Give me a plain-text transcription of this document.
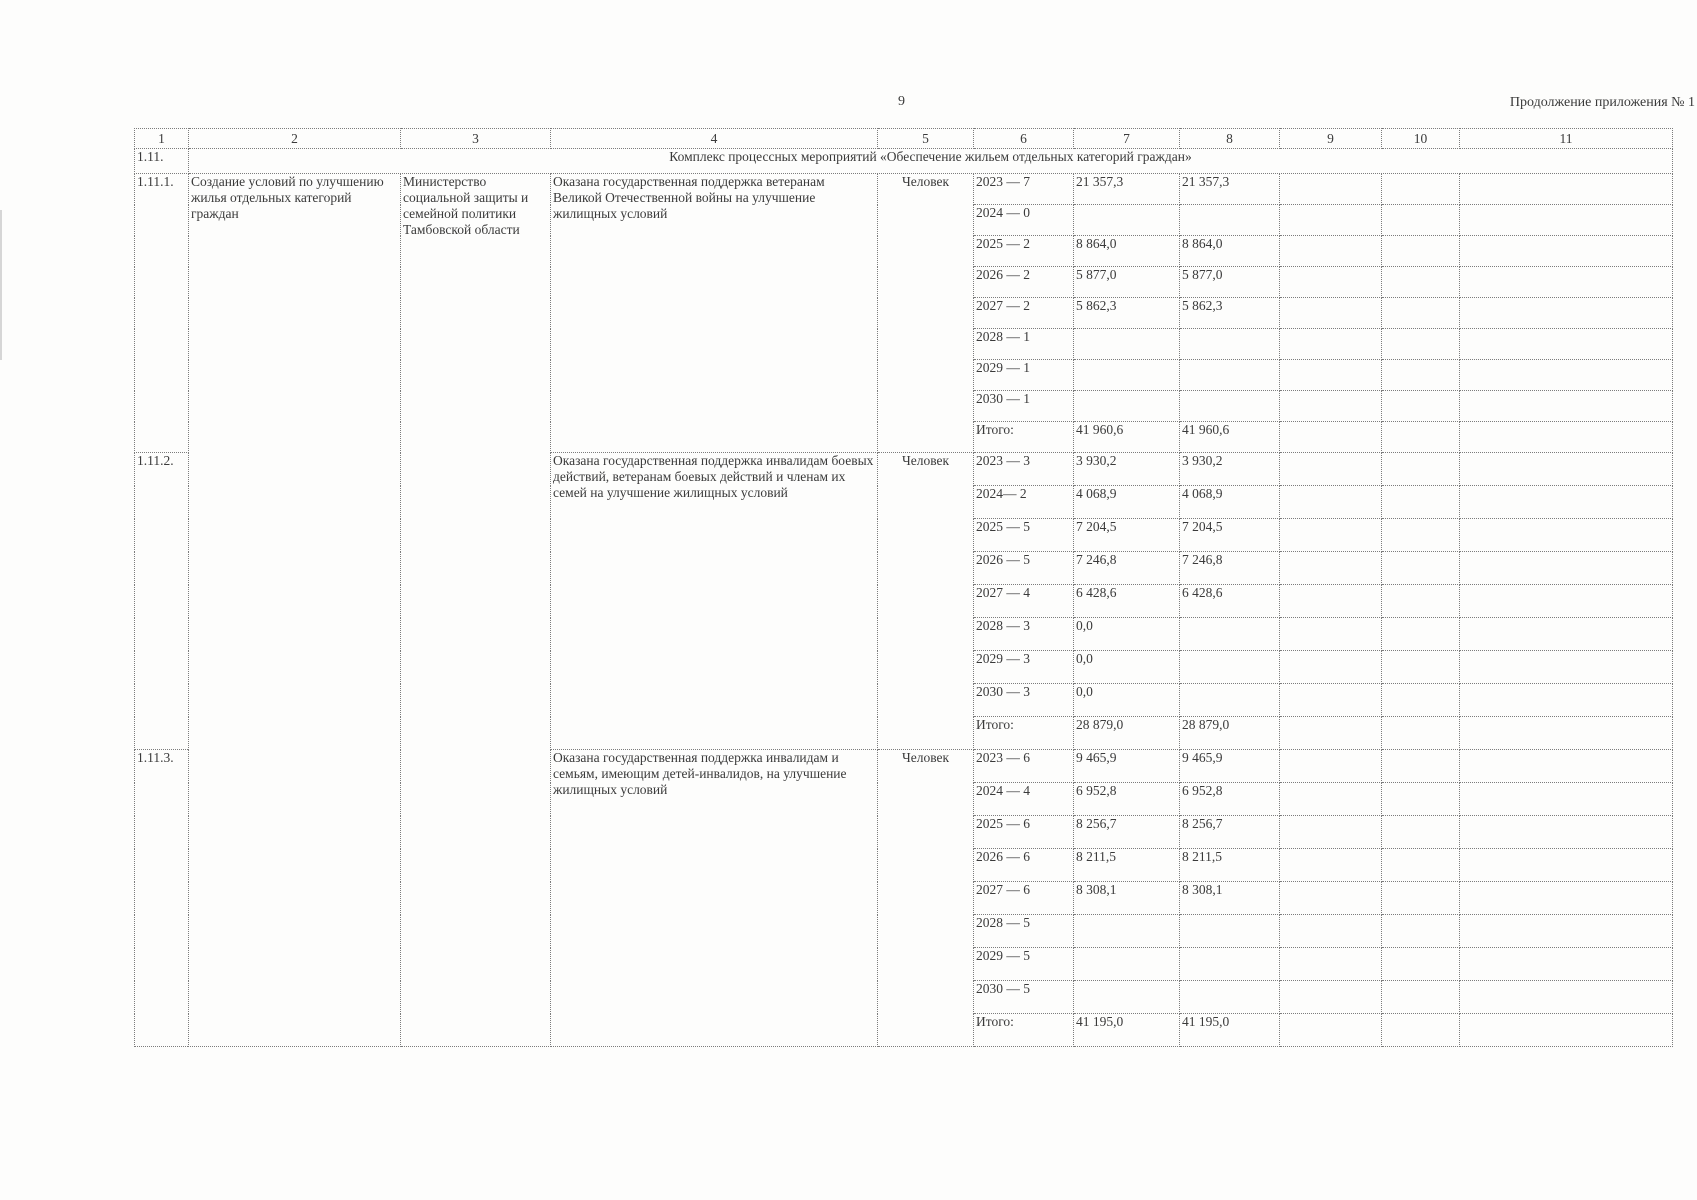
9	Продолжение приложения № 1
1	2	3	4	5	6	7	8	9	10	11
1.11.	Комплекс процессных мероприятий «Обеспечение жильем отдельных категорий граждан»									
1.11.1.	Создание условий по улучшению жилья отдельных категорий граждан	Министерство социальной защиты и семейной политики Тамбовской области	Оказана государственная поддержка ветеранам Великой Отечественной войны на улучшение жилищных условий	Человек	2023 — 7	21 357,3	21 357,3			
					2024 — 0					
					2025 — 2	8 864,0	8 864,0			
					2026 — 2	5 877,0	5 877,0			
					2027 — 2	5 862,3	5 862,3			
					2028 — 1					
					2029 — 1					
					2030 — 1					
					Итого:	41 960,6	41 960,6			
1.11.2.			Оказана государственная поддержка инвалидам боевых действий, ветеранам боевых действий и членам их семей на улучшение жилищных условий	Человек	2023 — 3	3 930,2	3 930,2			
					2024— 2	4 068,9	4 068,9			
					2025 — 5	7 204,5	7 204,5			
					2026 — 5	7 246,8	7 246,8			
					2027 — 4	6 428,6	6 428,6			
					2028 — 3	0,0				
					2029 — 3	0,0				
					2030 — 3	0,0				
					Итого:	28 879,0	28 879,0			
1.11.3.			Оказана государственная поддержка инвалидам и семьям, имеющим детей-инвалидов, на улучшение жилищных условий	Человек	2023 — 6	9 465,9	9 465,9			
					2024 — 4	6 952,8	6 952,8			
					2025 — 6	8 256,7	8 256,7			
					2026 — 6	8 211,5	8 211,5			
					2027 — 6	8 308,1	8 308,1			
					2028 — 5					
					2029 — 5					
					2030 — 5					
					Итого:	41 195,0	41 195,0			
